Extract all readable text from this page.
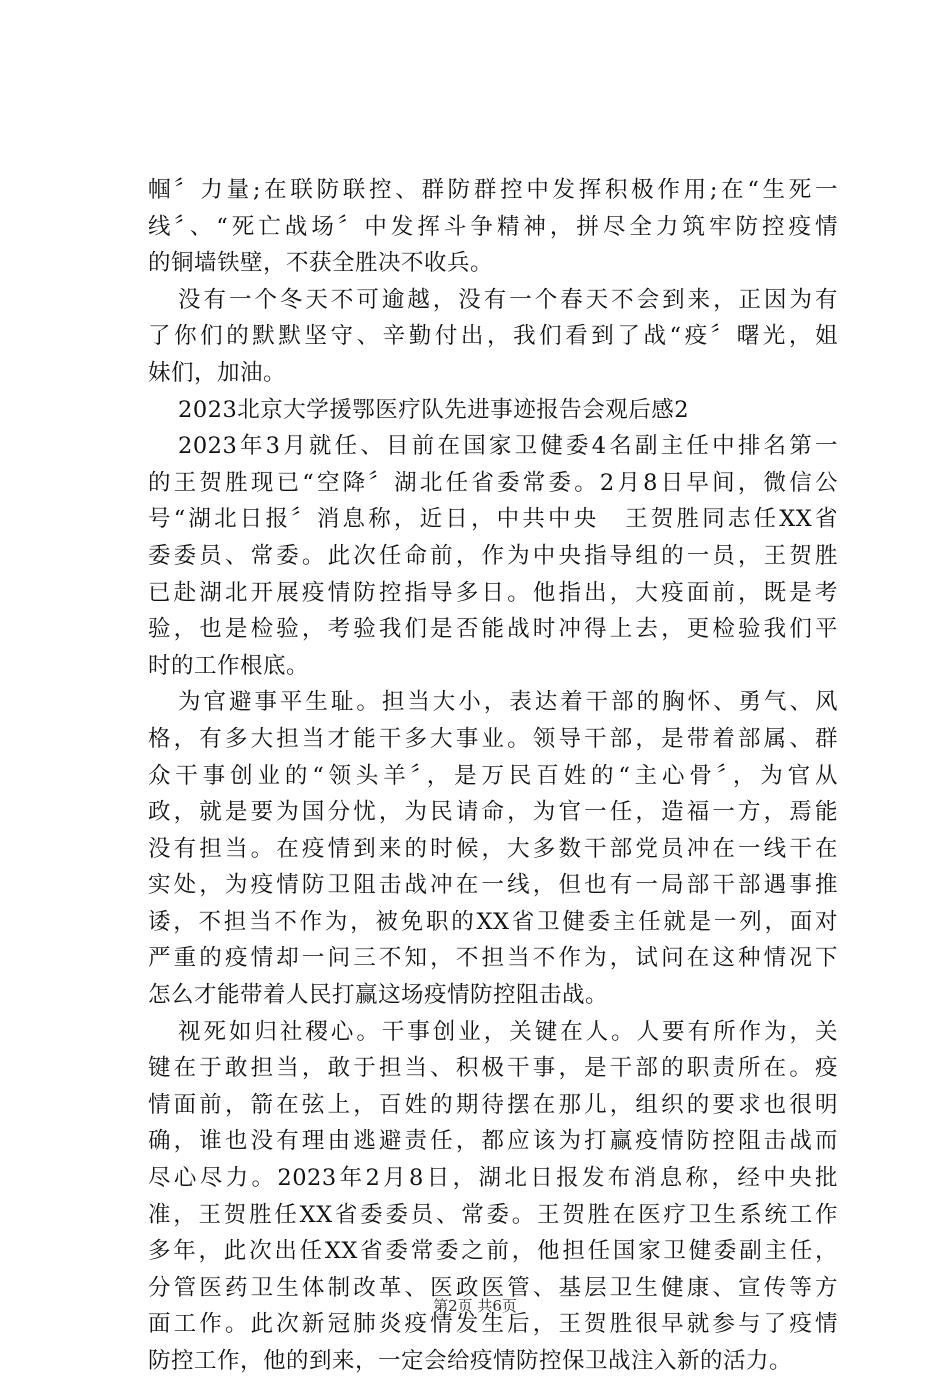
帼〞力量;在联防联控、群防群控中发挥积极作用;在“生死一
线〞、“死亡战场〞中发挥斗争精神，拼尽全力筑牢防控疫情
的铜墙铁壁，不获全胜决不收兵。
没有一个冬天不可逾越，没有一个春天不会到来，正因为有
了你们的默默坚守、辛勤付出，我们看到了战“疫〞曙光，姐
妹们，加油。
2023北京大学援鄂医疗队先进事迹报告会观后感2
2023年3月就任、目前在国家卫健委4名副主任中排名第一
的王贺胜现已“空降〞湖北任省委常委。2月8日早间，微信公
号“湖北日报〞消息称，近日，中共中央　王贺胜同志任XX省
委委员、常委。此次任命前，作为中央指导组的一员，王贺胜
已赴湖北开展疫情防控指导多日。他指出，大疫面前，既是考
验，也是检验，考验我们是否能战时冲得上去，更检验我们平
时的工作根底。
为官避事平生耻。担当大小，表达着干部的胸怀、勇气、风
格，有多大担当才能干多大事业。领导干部，是带着部属、群
众干事创业的“领头羊〞，是万民百姓的“主心骨〞，为官从
政，就是要为国分忧，为民请命，为官一任，造福一方，焉能
没有担当。在疫情到来的时候，大多数干部党员冲在一线干在
实处，为疫情防卫阻击战冲在一线，但也有一局部干部遇事推
诿，不担当不作为，被免职的XX省卫健委主任就是一列，面对
严重的疫情却一问三不知，不担当不作为，试问在这种情况下
怎么才能带着人民打赢这场疫情防控阻击战。
视死如归社稷心。干事创业，关键在人。人要有所作为，关
键在于敢担当，敢于担当、积极干事，是干部的职责所在。疫
情面前，箭在弦上，百姓的期待摆在那儿，组织的要求也很明
确，谁也没有理由逃避责任，都应该为打赢疫情防控阻击战而
尽心尽力。2023年2月8日，湖北日报发布消息称，经中央批
准，王贺胜任XX省委委员、常委。王贺胜在医疗卫生系统工作
多年，此次出任XX省委常委之前，他担任国家卫健委副主任，
分管医药卫生体制改革、医政医管、基层卫生健康、宣传等方
面工作。此次新冠肺炎疫情发生后，王贺胜很早就参与了疫情
防控工作，他的到来，一定会给疫情防控保卫战注入新的活力。
第2页 共6页
